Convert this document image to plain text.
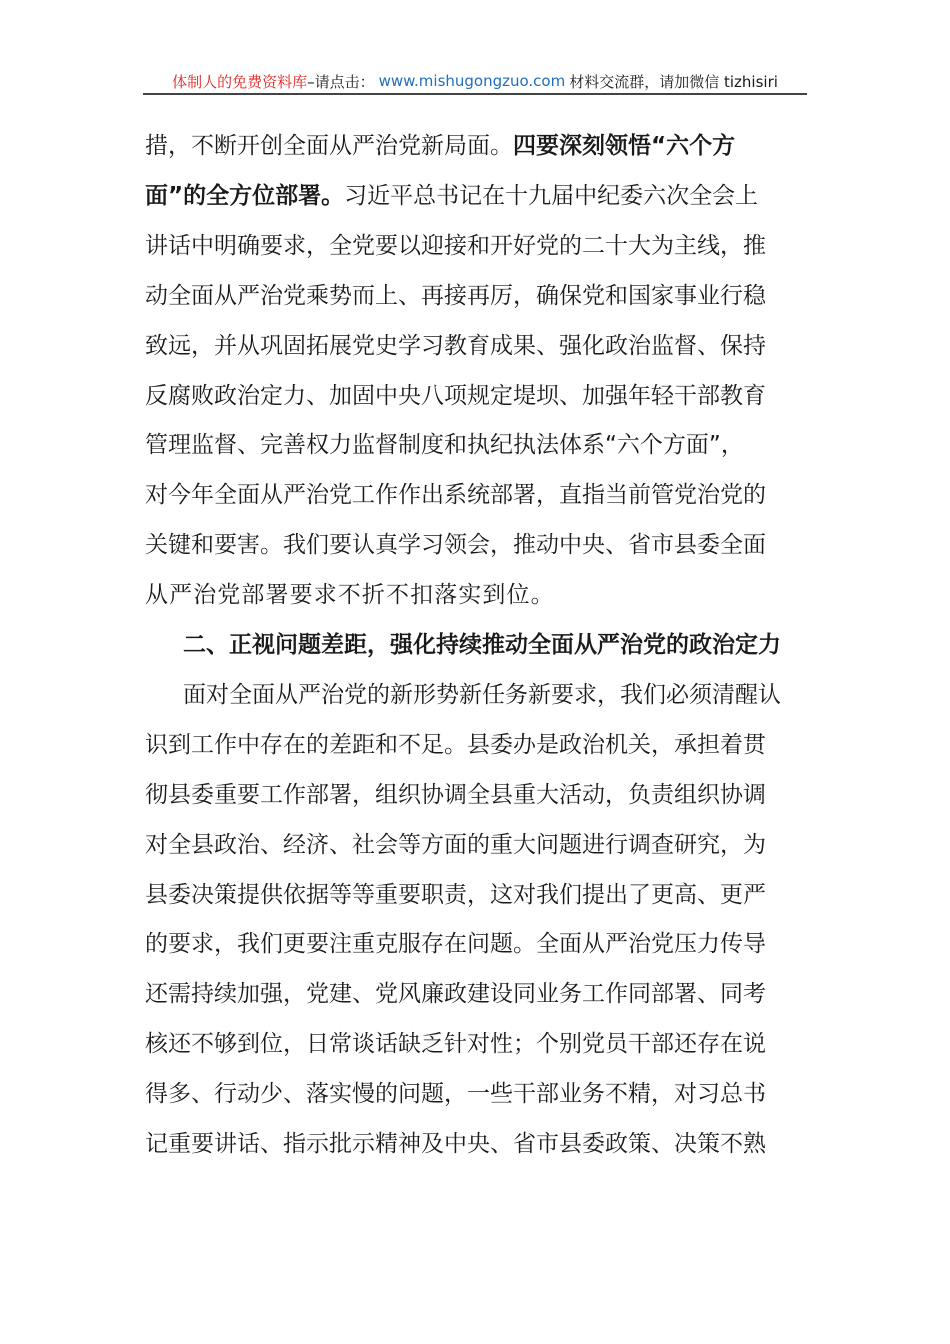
体制人的免费资料库 –请点击： www.mishugongzuo.com 材料交流群，请加微信 tizhisiri
措，不断开创全面从严治党新局面。四要深刻领悟“六个方
面”的全方位部署。习近平总书记在十九届中纪委六次全会上
讲话中明确要求，全党要以迎接和开好党的二十大为主线，推
动全面从严治党乘势而上、再接再厉，确保党和国家事业行稳
致远，并从巩固拓展党史学习教育成果、强化政治监督、保持
反腐败政治定力、加固中央八项规定堤坝、加强年轻干部教育
管理监督、完善权力监督制度和执纪执法体系“六个方面”，
对今年全面从严治党工作作出系统部署，直指当前管党治党的
关键和要害。我们要认真学习领会，推动中央、省市县委全面
从严治党部署要求不折不扣落实到位。
二、正视问题差距，强化持续推动全面从严治党的政治定力
面对全面从严治党的新形势新任务新要求，我们必须清醒认
识到工作中存在的差距和不足。县委办是政治机关，承担着贯
彻县委重要工作部署，组织协调全县重大活动，负责组织协调
对全县政治、经济、社会等方面的重大问题进行调查研究，为
县委决策提供依据等等重要职责，这对我们提出了更高、更严
的要求，我们更要注重克服存在问题。全面从严治党压力传导
还需持续加强，党建、党风廉政建设同业务工作同部署、同考
核还不够到位，日常谈话缺乏针对性；个别党员干部还存在说
得多、行动少、落实慢的问题，一些干部业务不精，对习总书
记重要讲话、指示批示精神及中央、省市县委政策、决策不熟
